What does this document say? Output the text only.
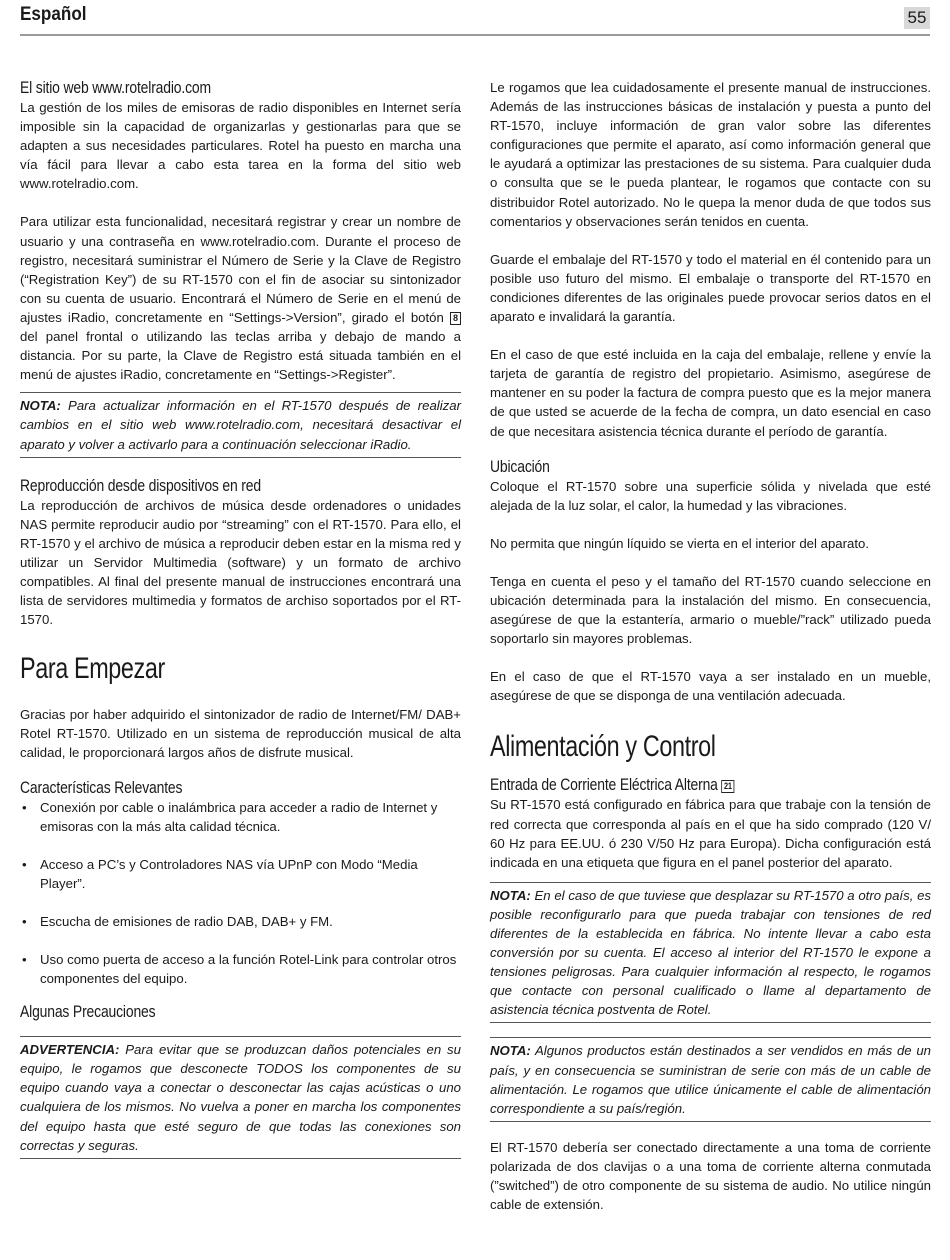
Español	55
El sitio web www.rotelradio.com

La gestión de los miles de emisoras de radio disponibles en Internet sería imposible sin la capacidad de organizarlas y gestionarlas para que se adapten a sus necesidades particulares. Rotel ha puesto en marcha una vía fácil para llevar a cabo esta tarea en la forma del sitio web www.rotelradio.com.

Para utilizar esta funcionalidad, necesitará registrar y crear un nombre de usuario y una contraseña en www.rotelradio.com. Durante el proceso de registro, necesitará suministrar el Número de Serie y la Clave de Registro (“Registration Key”) de su RT-1570 con el fin de asociar su sintonizador con su cuenta de usuario. Encontrará el Número de Serie en el menú de ajustes iRadio, concretamente en “Settings->Version”, girado el botón 8 del panel frontal o utilizando las teclas arriba y debajo de mando a distancia. Por su parte, la Clave de Registro está situada también en el menú de ajustes iRadio, concretamente en “Settings->Register”.

NOTA: Para actualizar información en el RT-1570 después de realizar cambios en el sitio web www.rotelradio.com, necesitará desactivar el aparato y volver a activarlo para a continuación seleccionar iRadio.

Reproducción desde dispositivos en red

La reproducción de archivos de música desde ordenadores o unidades NAS permite reproducir audio por “streaming” con el RT-1570. Para ello, el RT-1570 y el archivo de música a reproducir deben estar en la misma red y utilizar un Servidor Multimedia (software) y un formato de archivo compatibles. Al final del presente manual de instrucciones encontrará una lista de servidores multimedia y formatos de archiso soportados por el RT-1570.

Para Empezar

Gracias por haber adquirido el sintonizador de radio de Internet/FM/ DAB+ Rotel RT-1570. Utilizado en un sistema de reproducción musical de alta calidad, le proporcionará largos años de disfrute musical.

Características Relevantes
• Conexión por cable o inalámbrica para acceder a radio de Internet y emisoras con la más alta calidad técnica.
• Acceso a PC’s y Controladores NAS vía UPnP con Modo “Media Player”.
• Escucha de emisiones de radio DAB, DAB+ y FM.
• Uso como puerta de acceso a la función Rotel-Link para controlar otros componentes del equipo.
Algunas Precauciones

ADVERTENCIA: Para evitar que se produzcan daños potenciales en su equipo, le rogamos que desconecte TODOS los componentes de su equipo cuando vaya a conectar o desconectar las cajas acústicas o uno cualquiera de los mismos. No vuelva a poner en marcha los componentes del equipo hasta que esté seguro de que todas las conexiones son correctas y seguras.

Le rogamos que lea cuidadosamente el presente manual de instrucciones. Además de las instrucciones básicas de instalación y puesta a punto del RT-1570, incluye información de gran valor sobre las diferentes configuraciones que permite el aparato, así como información general que le ayudará a optimizar las prestaciones de su sistema. Para cualquier duda o consulta que se le pueda plantear, le rogamos que contacte con su distribuidor Rotel autorizado. No le quepa la menor duda de que todos sus comentarios y observaciones serán tenidos en cuenta.

Guarde el embalaje del RT-1570 y todo el material en él contenido para un posible uso futuro del mismo. El embalaje o transporte del RT-1570 en condiciones diferentes de las originales puede provocar serios datos en el aparato e invalidará la garantía.

En el caso de que esté incluida en la caja del embalaje, rellene y envíe la tarjeta de garantía de registro del propietario. Asimismo, asegúrese de mantener en su poder la factura de compra puesto que es la mejor manera de que usted se acuerde de la fecha de compra, un dato esencial en caso de que necesitara asistencia técnica durante el período de garantía.

Ubicación

Coloque el RT-1570 sobre una superficie sólida y nivelada que esté alejada de la luz solar, el calor, la humedad y las vibraciones.

No permita que ningún líquido se vierta en el interior del aparato.

Tenga en cuenta el peso y el tamaño del RT-1570 cuando seleccione en ubicación determinada para la instalación del mismo. En consecuencia, asegúrese de que la estantería, armario o mueble/”rack” utilizado pueda soportarlo sin mayores problemas.

En el caso de que el RT-1570 vaya a ser instalado en un mueble, asegúrese de que se disponga de una ventilación adecuada.

Alimentación y Control
Entrada de Corriente Eléctrica Alterna 21

Su RT-1570 está configurado en fábrica para que trabaje con la tensión de red correcta que corresponda al país en el que ha sido comprado (120 V/ 60 Hz para EE.UU. ó 230 V/50 Hz para Europa). Dicha configuración está indicada en una etiqueta que figura en el panel posterior del aparato.

NOTA: En el caso de que tuviese que desplazar su RT-1570 a otro país, es posible reconfigurarlo para que pueda trabajar con tensiones de red diferentes de la establecida en fábrica. No intente llevar a cabo esta conversión por su cuenta. El acceso al interior del RT-1570 le expone a tensiones peligrosas. Para cualquier información al respecto, le rogamos que contacte con personal cualificado o llame al departamento de asistencia técnica postventa de Rotel.

NOTA: Algunos productos están destinados a ser vendidos en más de un país, y en consecuencia se suministran de serie con más de un cable de alimentación. Le rogamos que utilice únicamente el cable de alimentación correspondiente a su país/región.

El RT-1570 debería ser conectado directamente a una toma de corriente polarizada de dos clavijas o a una toma de corriente alterna conmutada (”switched”) de otro componente de su sistema de audio. No utilice ningún cable de extensión.
